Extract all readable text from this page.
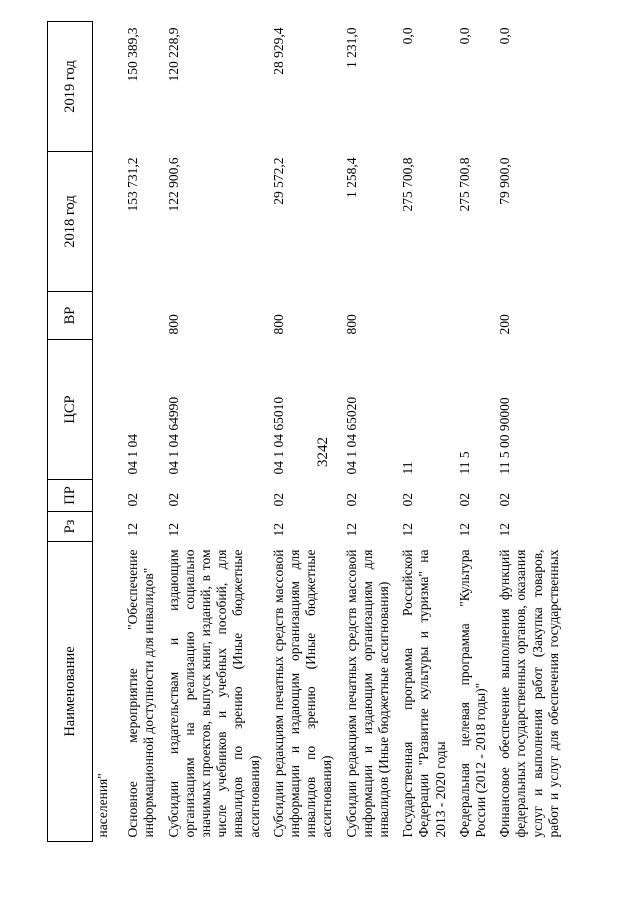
3242
Наименование	Рз	ПР	ЦСР	ВР	2018 год	2019 год
населения"						
Основное мероприятие "Обеспечение информационной доступности для инвалидов"	12	02	04 1 04		153 731,2	150 389,3
Субсидии издательствам и издающим организациям на реализацию социально значимых проектов, выпуск книг, изданий, в том числе учебников и учебных пособий, для инвалидов по зрению (Иные бюджетные ассигнования)	12	02	04 1 04 64990	800	122 900,6	120 228,9
Субсидии редакциям печатных средств массовой информации и издающим организациям для инвалидов по зрению (Иные бюджетные ассигнования)	12	02	04 1 04 65010	800	29 572,2	28 929,4
Субсидии редакциям печатных средств массовой информации и издающим организациям для инвалидов (Иные бюджетные ассигнования)	12	02	04 1 04 65020	800	1 258,4	1 231,0
Государственная программа Российской Федерации "Развитие культуры и туризма" на 2013 - 2020 годы	12	02	11		275 700,8	0,0
Федеральная целевая программа "Культура России (2012 - 2018 годы)"	12	02	11 5		275 700,8	0,0
Финансовое обеспечение выполнения функций федеральных государственных органов, оказания услуг и выполнения работ (Закупка товаров, работ и услуг для обеспечения государственных	12	02	11 5 00 90000	200	79 900,0	0,0
